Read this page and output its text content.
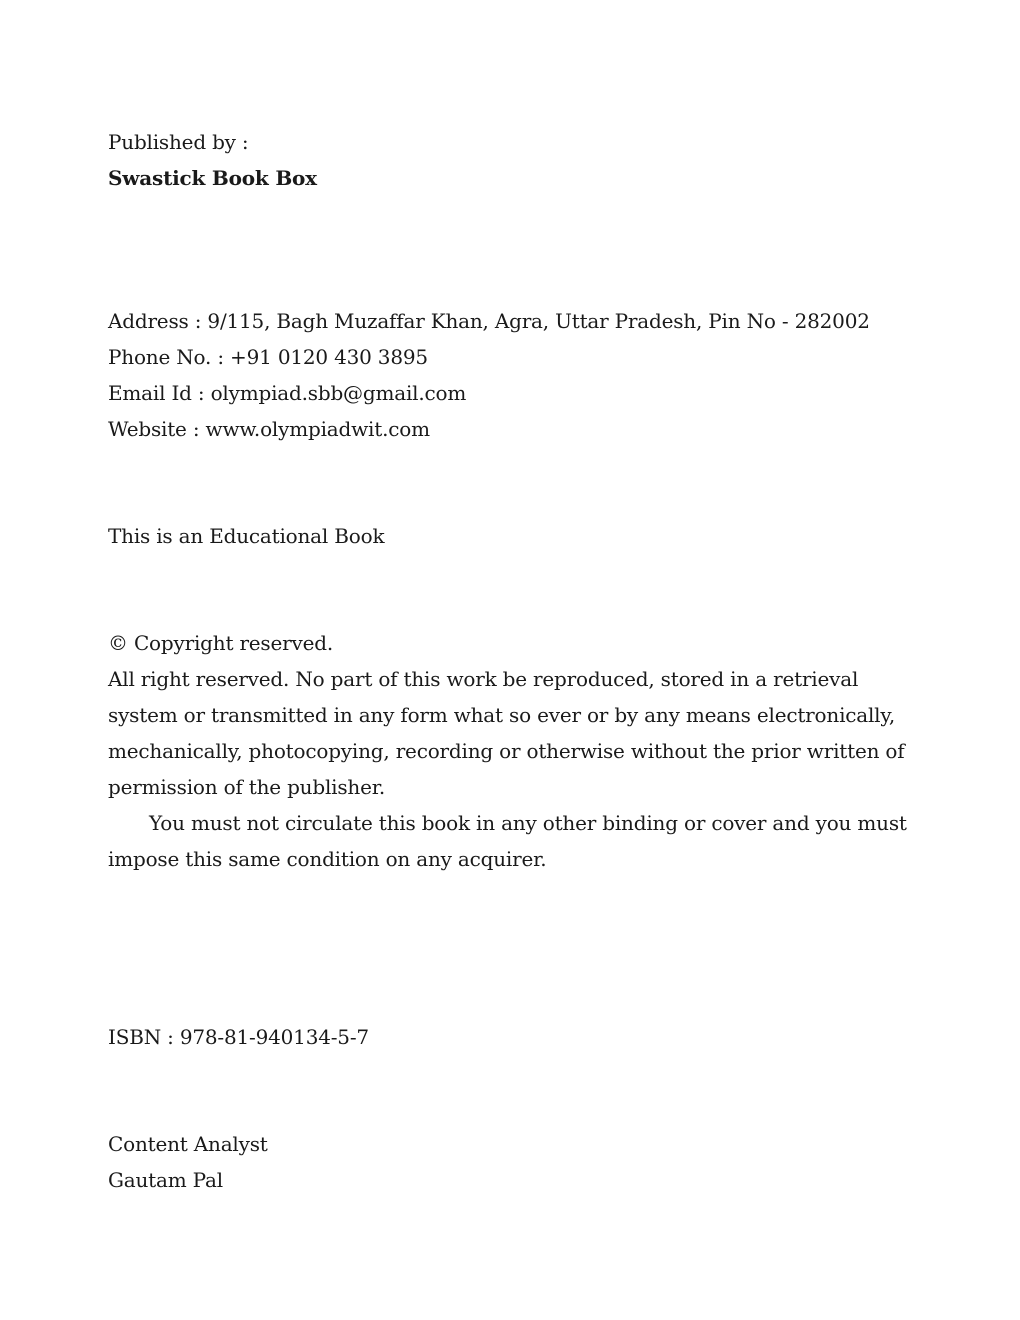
Published by :
Swastick Book Box
Address : 9/115, Bagh Muzaffar Khan, Agra, Uttar Pradesh, Pin No - 282002
Phone No. : +91 0120 430 3895
Email Id : olympiad.sbb@gmail.com
Website : www.olympiadwit.com
This is an Educational Book
© Copyright reserved.

All right reserved. No part of this work be reproduced, stored in a retrieval system or transmitted in any form what so ever or by any means electronically, mechanically, photocopying, recording or otherwise without the prior written of permission of the publisher.

You must not circulate this book in any other binding or cover and you must impose this same condition on any acquirer.

ISBN : 978-81-940134-5-7
Content Analyst
Gautam Pal
